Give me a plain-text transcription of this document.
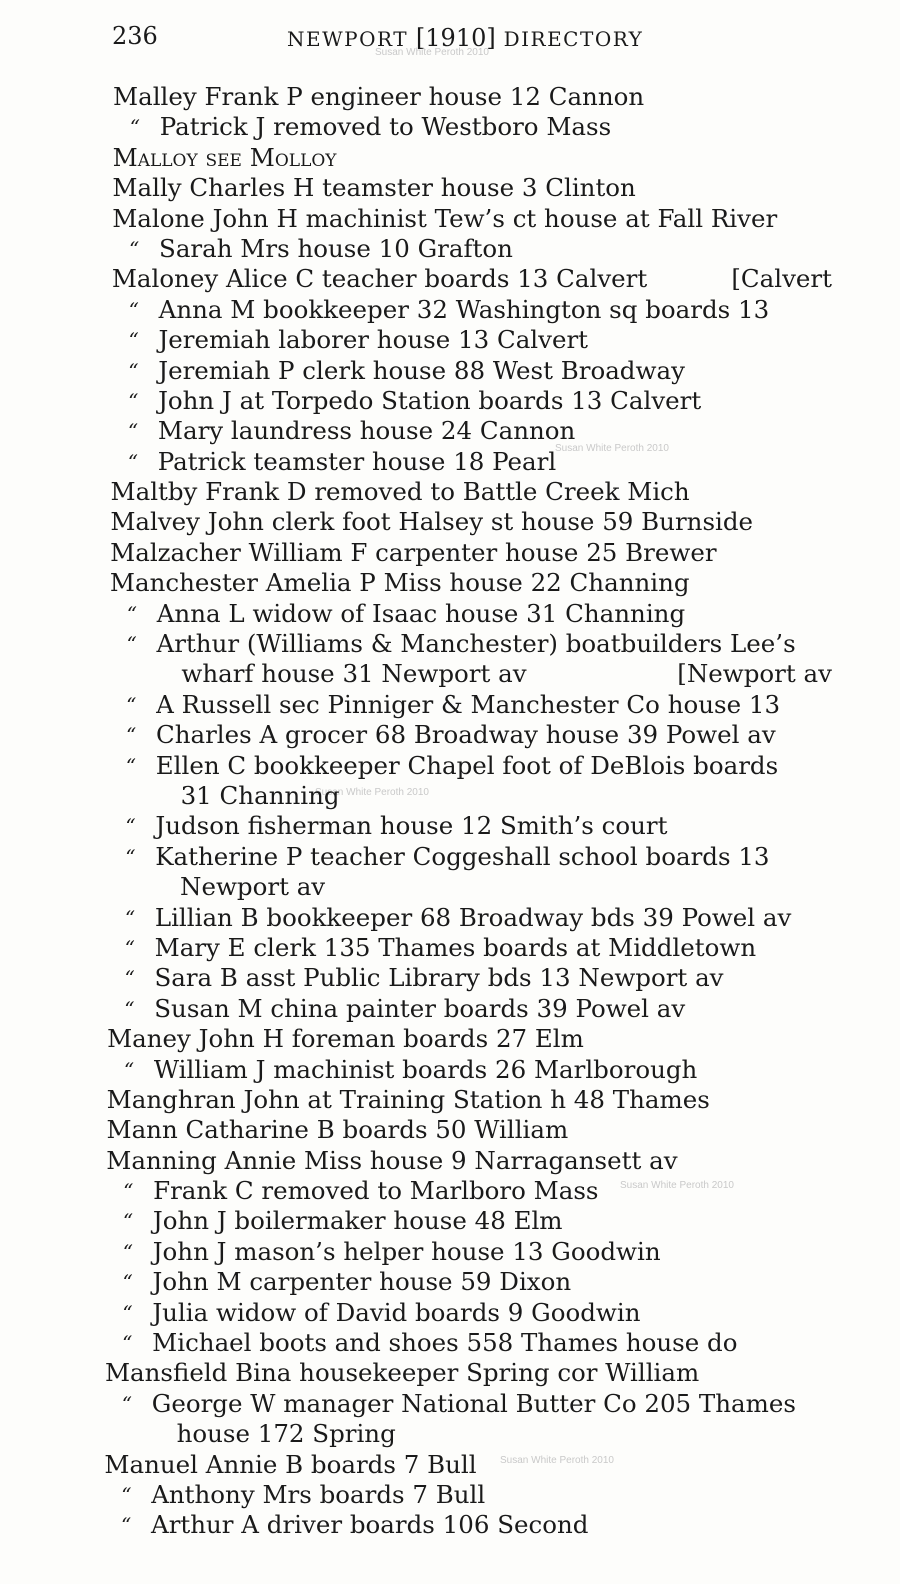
236	NEWPORT [1910] DIRECTORY
Susan White Peroth 2010
Susan White Peroth 2010
Susan White Peroth 2010
Susan White Peroth 2010
Susan White Peroth 2010
Malley Frank P engineer house 12 Cannon
“ Patrick J removed to Westboro Mass
Malloy see Molloy
Mally Charles H teamster house 3 Clinton
Malone John H machinist Tew’s ct house at Fall River
“ Sarah Mrs house 10 Grafton
Maloney Alice C teacher boards 13 Calvert	[Calvert
“ Anna M bookkeeper 32 Washington sq boards 13
“ Jeremiah laborer house 13 Calvert
“ Jeremiah P clerk house 88 West Broadway
“ John J at Torpedo Station boards 13 Calvert
“ Mary laundress house 24 Cannon
“ Patrick teamster house 18 Pearl
Maltby Frank D removed to Battle Creek Mich
Malvey John clerk foot Halsey st house 59 Burnside
Malzacher William F carpenter house 25 Brewer
Manchester Amelia P Miss house 22 Channing
“ Anna L widow of Isaac house 31 Channing
“ Arthur (Williams & Manchester) boatbuilders Lee’s
wharf house 31 Newport av	[Newport av
“ A Russell sec Pinniger & Manchester Co house 13
“ Charles A grocer 68 Broadway house 39 Powel av
“ Ellen C bookkeeper Chapel foot of DeBlois boards
31 Channing
“ Judson fisherman house 12 Smith’s court
“ Katherine P teacher Coggeshall school boards 13
Newport av
“ Lillian B bookkeeper 68 Broadway bds 39 Powel av
“ Mary E clerk 135 Thames boards at Middletown
“ Sara B asst Public Library bds 13 Newport av
“ Susan M china painter boards 39 Powel av
Maney John H foreman boards 27 Elm
“ William J machinist boards 26 Marlborough
Manghran John at Training Station h 48 Thames
Mann Catharine B boards 50 William
Manning Annie Miss house 9 Narragansett av
“ Frank C removed to Marlboro Mass
“ John J boilermaker house 48 Elm
“ John J mason’s helper house 13 Goodwin
“ John M carpenter house 59 Dixon
“ Julia widow of David boards 9 Goodwin
“ Michael boots and shoes 558 Thames house do
Mansfield Bina housekeeper Spring cor William
“ George W manager National Butter Co 205 Thames
house 172 Spring
Manuel Annie B boards 7 Bull
“ Anthony Mrs boards 7 Bull
“ Arthur A driver boards 106 Second
